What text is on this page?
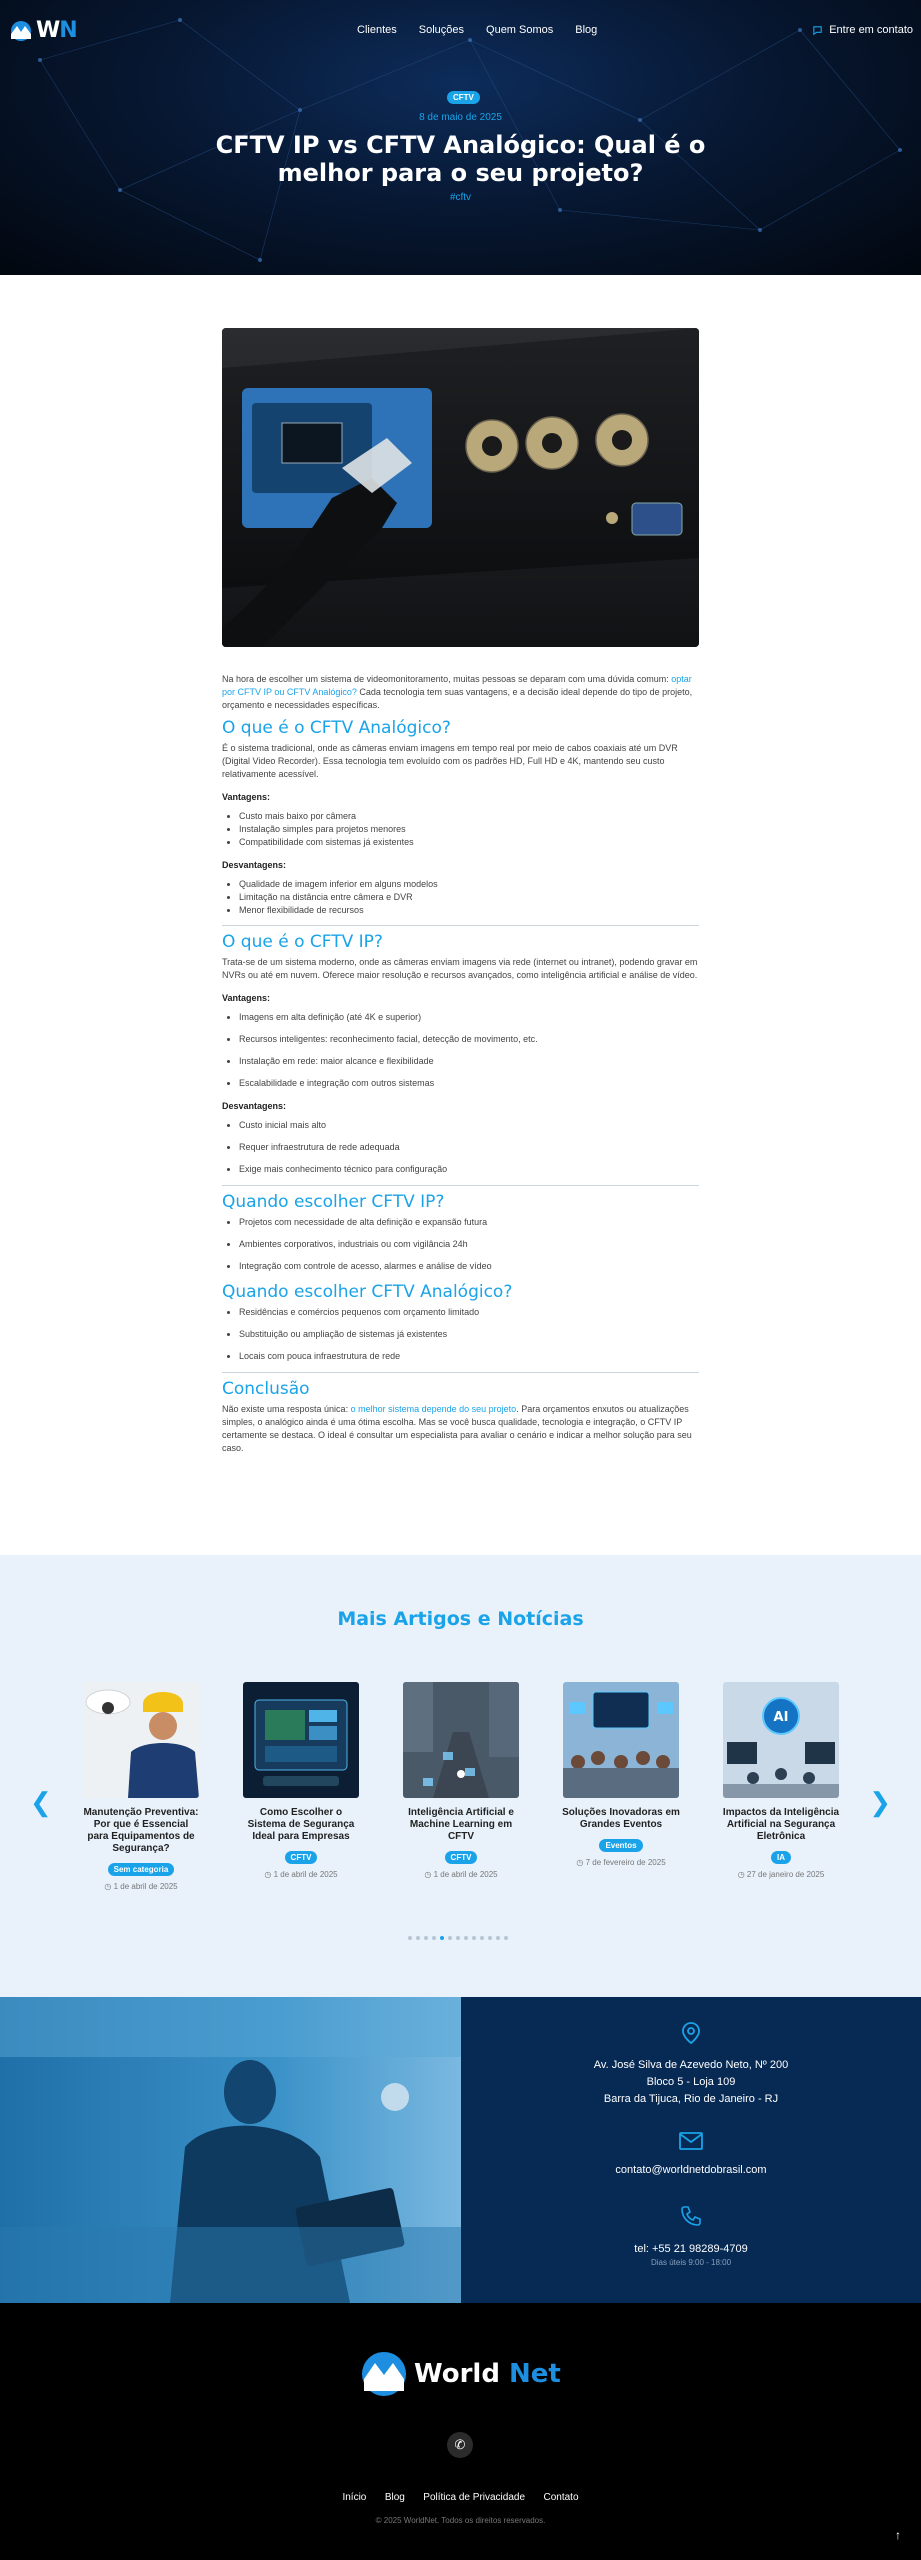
WN	Clientes Soluções Quem Somos Blog	Entre em contato
CFTV
8 de maio de 2025
CFTV IP vs CFTV Analógico: Qual é o melhor para o seu projeto?
#cftv

Na hora de escolher um sistema de videomonitoramento, muitas pessoas se deparam com uma dúvida comum: optar por CFTV IP ou CFTV Analógico? Cada tecnologia tem suas vantagens, e a decisão ideal depende do tipo de projeto, orçamento e necessidades específicas.

O que é o CFTV Analógico?

É o sistema tradicional, onde as câmeras enviam imagens em tempo real por meio de cabos coaxiais até um DVR (Digital Video Recorder). Essa tecnologia tem evoluído com os padrões HD, Full HD e 4K, mantendo seu custo relativamente acessível.

Vantagens:
• Custo mais baixo por câmera
• Instalação simples para projetos menores
• Compatibilidade com sistemas já existentes
Desvantagens:
• Qualidade de imagem inferior em alguns modelos
• Limitação na distância entre câmera e DVR
• Menor flexibilidade de recursos
O que é o CFTV IP?

Trata-se de um sistema moderno, onde as câmeras enviam imagens via rede (internet ou intranet), podendo gravar em NVRs ou até em nuvem. Oferece maior resolução e recursos avançados, como inteligência artificial e análise de vídeo.

Vantagens:
• Imagens em alta definição (até 4K e superior)
• Recursos inteligentes: reconhecimento facial, detecção de movimento, etc.
• Instalação em rede: maior alcance e flexibilidade
• Escalabilidade e integração com outros sistemas
Desvantagens:
• Custo inicial mais alto
• Requer infraestrutura de rede adequada
• Exige mais conhecimento técnico para configuração
Quando escolher CFTV IP?
• Projetos com necessidade de alta definição e expansão futura
• Ambientes corporativos, industriais ou com vigilância 24h
• Integração com controle de acesso, alarmes e análise de vídeo
Quando escolher CFTV Analógico?
• Residências e comércios pequenos com orçamento limitado
• Substituição ou ampliação de sistemas já existentes
• Locais com pouca infraestrutura de rede
Conclusão

Não existe uma resposta única: o melhor sistema depende do seu projeto. Para orçamentos enxutos ou atualizações simples, o analógico ainda é uma ótima escolha. Mas se você busca qualidade, tecnologia e integração, o CFTV IP certamente se destaca. O ideal é consultar um especialista para avaliar o cenário e indicar a melhor solução para seu caso.

Mais Artigos e Notícias
❮	❯
Manutenção Preventiva: Por que é Essencial para Equipamentos de Segurança?
Sem categoria
◷ 1 de abril de 2025
Como Escolher o Sistema de Segurança Ideal para Empresas
CFTV
◷ 1 de abril de 2025
Inteligência Artificial e Machine Learning em CFTV
CFTV
◷ 1 de abril de 2025
Soluções Inovadoras em Grandes Eventos
Eventos
◷ 7 de fevereiro de 2025
AI
Impactos da Inteligência Artificial na Segurança Eletrônica
IA
◷ 27 de janeiro de 2025
Av. José Silva de Azevedo Neto, Nº 200
Bloco 5 - Loja 109
Barra da Tijuca, Rio de Janeiro - RJ
contato@worldnetdobrasil.com
tel: +55 21 98289-4709
Dias úteis 9:00 - 18:00
World Net
✆
Início Blog Política de Privacidade Contato
© 2025 WorldNet. Todos os direitos reservados.
↑
